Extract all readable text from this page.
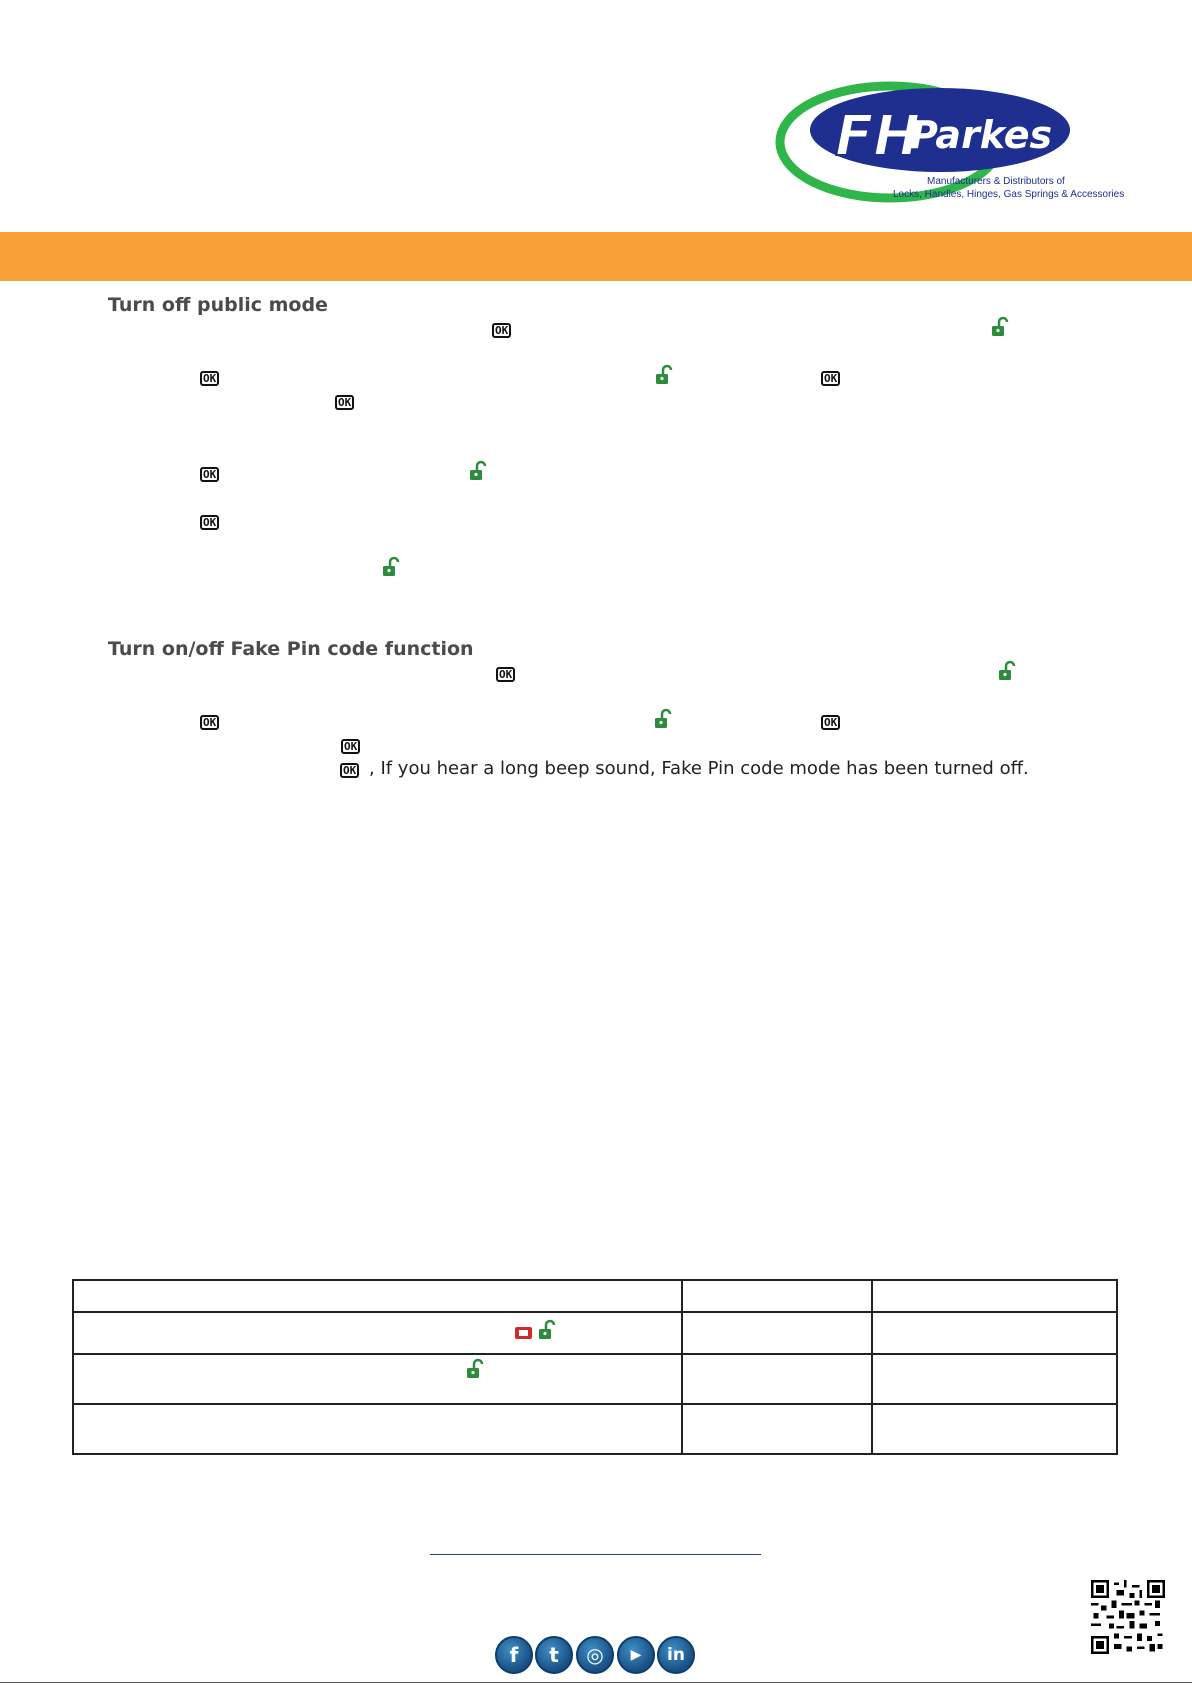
FH
Parkes
Manufacturers & Distributors of
Locks, Handles, Hinges, Gas Springs & Accessories
Turn off public mode
OK
OK	OK
OK
OK
OK
Turn on/off Fake Pin code function
OK
OK	OK
OK
OK , If you hear a long beep sound, Fake Pin code mode has been turned off.

f t ◎ ▶ in
